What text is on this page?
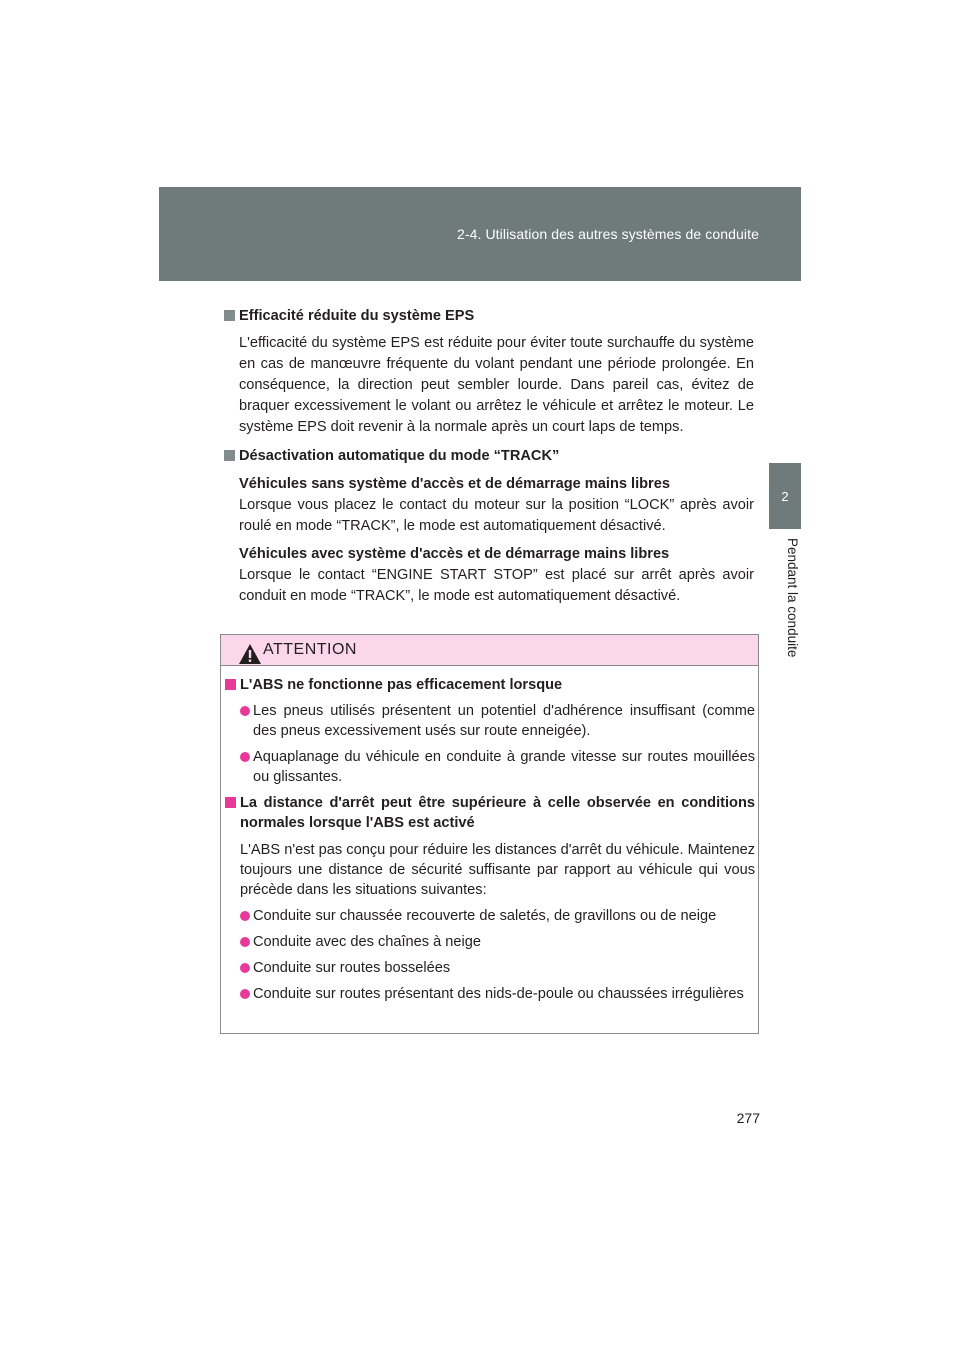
2-4. Utilisation des autres systèmes de conduite
2
Pendant la conduite
Efficacité réduite du système EPS
L'efficacité du système EPS est réduite pour éviter toute surchauffe du système en cas de manœuvre fréquente du volant pendant une période prolongée. En conséquence, la direction peut sembler lourde. Dans pareil cas, évitez de braquer excessivement le volant ou arrêtez le véhicule et arrêtez le moteur. Le système EPS doit revenir à la normale après un court laps de temps.
Désactivation automatique du mode “TRACK”
Véhicules sans système d'accès et de démarrage mains libres
Lorsque vous placez le contact du moteur sur la position “LOCK” après avoir roulé en mode “TRACK”, le mode est automatiquement désactivé.
Véhicules avec système d'accès et de démarrage mains libres
Lorsque le contact “ENGINE START STOP” est placé sur arrêt après avoir conduit en mode “TRACK”, le mode est automatiquement désactivé.
ATTENTION
L'ABS ne fonctionne pas efficacement lorsque
Les pneus utilisés présentent un potentiel d'adhérence insuffisant (comme des pneus excessivement usés sur route enneigée).
Aquaplanage du véhicule en conduite à grande vitesse sur routes mouillées ou glissantes.
La distance d'arrêt peut être supérieure à celle observée en conditions normales lorsque l'ABS est activé
L'ABS n'est pas conçu pour réduire les distances d'arrêt du véhicule. Maintenez toujours une distance de sécurité suffisante par rapport au véhicule qui vous précède dans les situations suivantes:
Conduite sur chaussée recouverte de saletés, de gravillons ou de neige
Conduite avec des chaînes à neige
Conduite sur routes bosselées
Conduite sur routes présentant des nids-de-poule ou chaussées irrégulières
277
